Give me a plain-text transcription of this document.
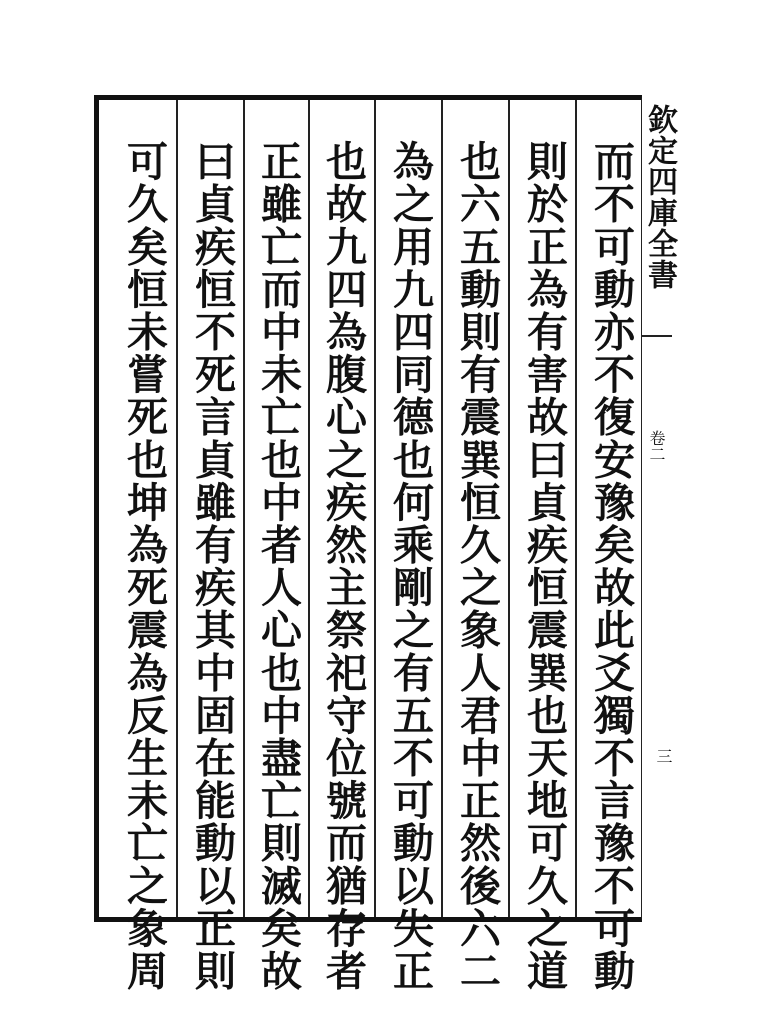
而不可動亦不復安豫矣故此爻獨不言豫不可動
則於正為有害故曰貞疾恒震巽也天地可久之道
也六五動則有震巽恒久之象人君中正然後六二
為之用九四同德也何乘剛之有五不可動以失正
也故九四為腹心之疾然主祭祀守位號而猶存者
正雖亡而中未亡也中者人心也中盡亡則滅矣故
曰貞疾恒不死言貞雖有疾其中固在能動以正則
可久矣恒未嘗死也坤為死震為反生未亡之象周	欽定四庫全書
卷二
三
